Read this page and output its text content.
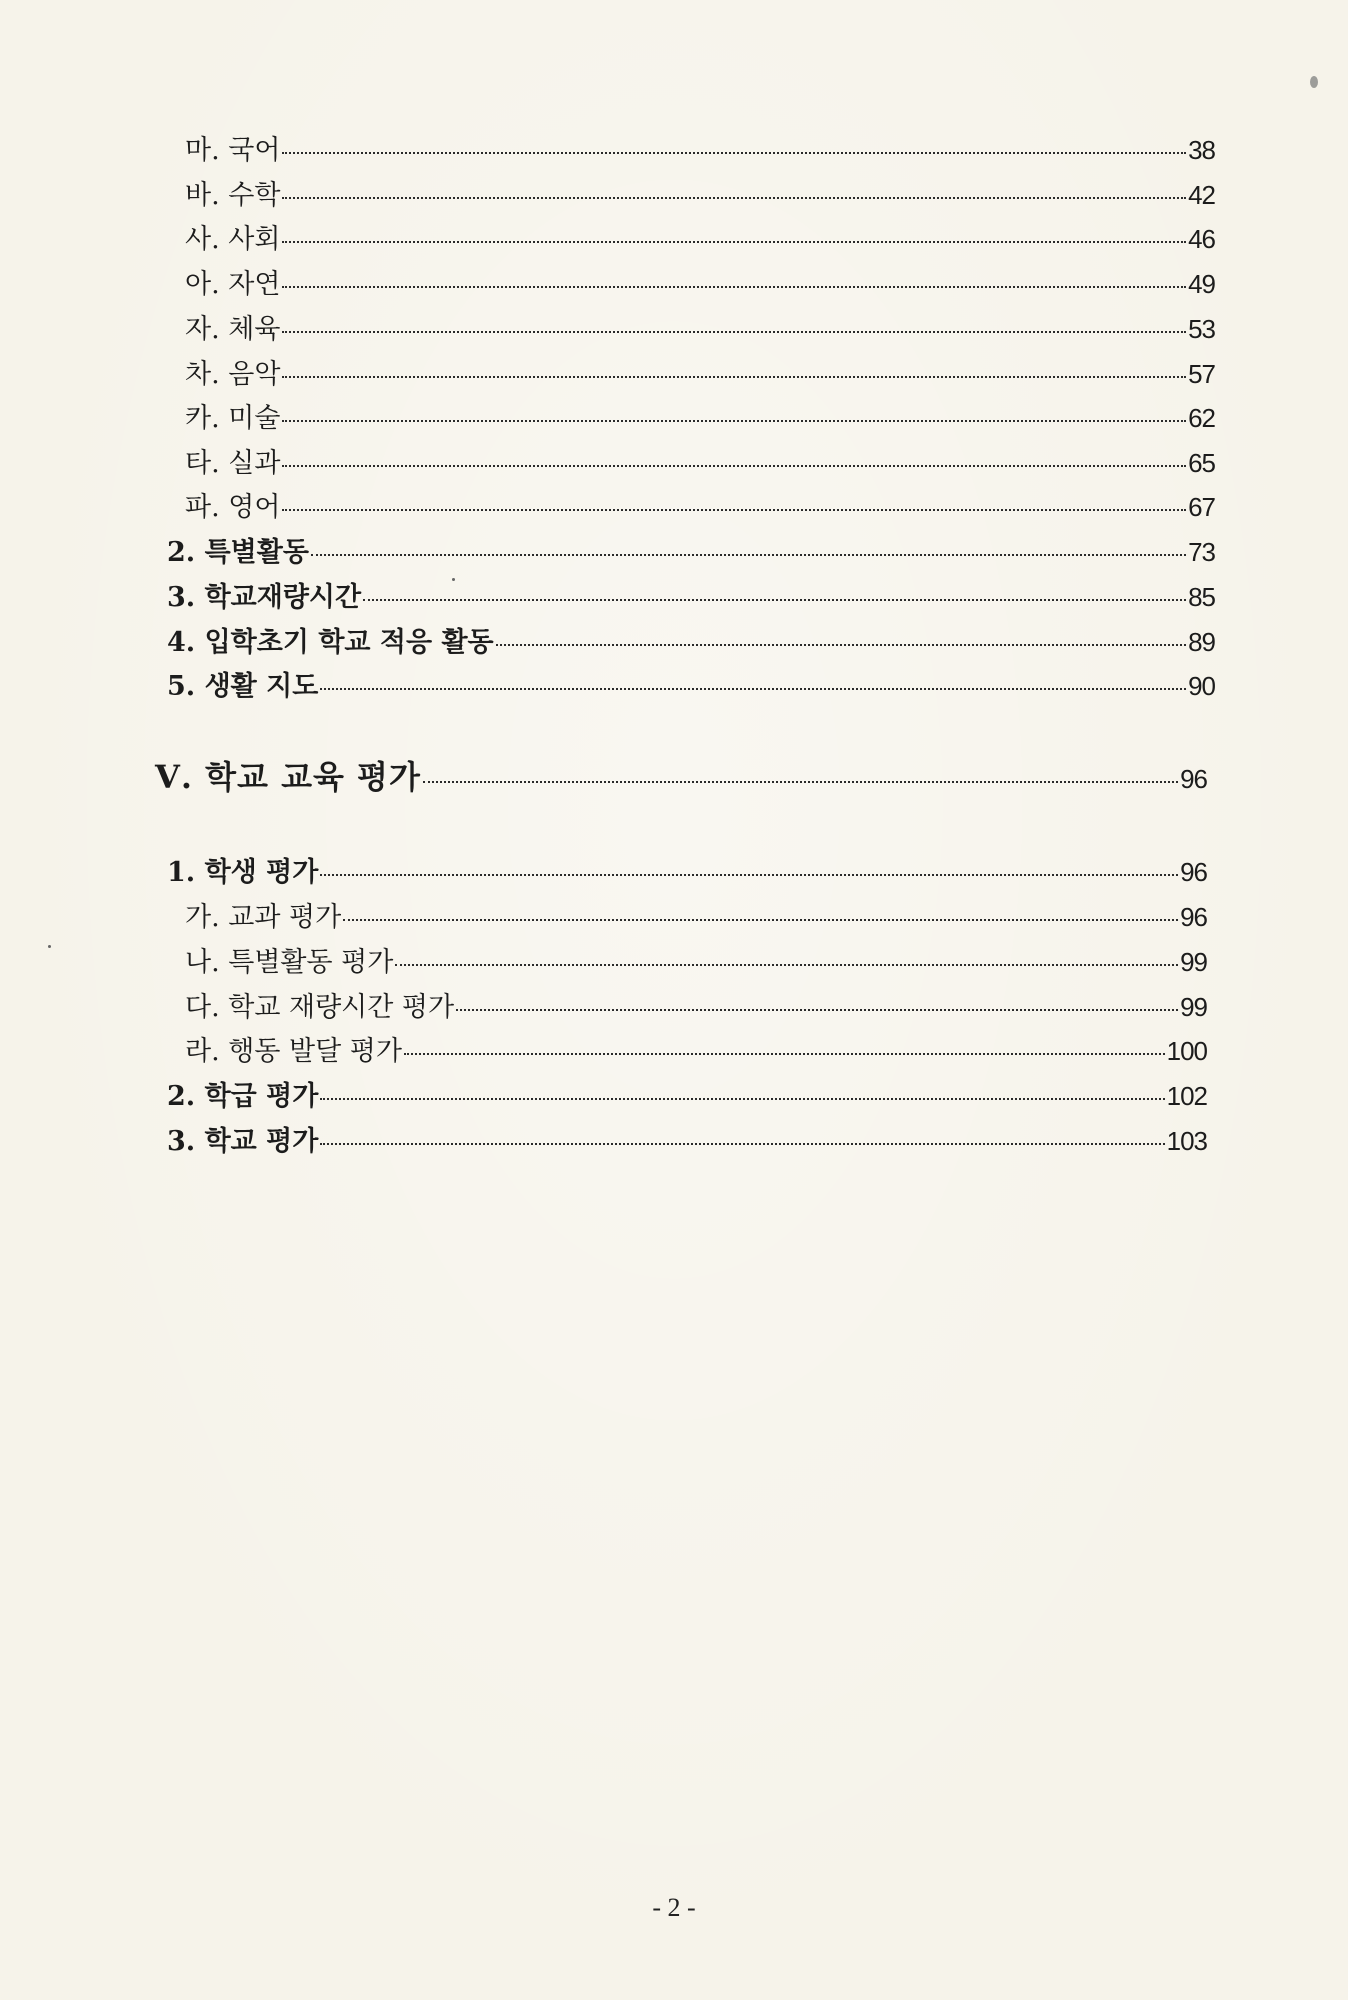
마. 국어	38
바. 수학	42
사. 사회	46
아. 자연	49
자. 체육	53
차. 음악	57
카. 미술	62
타. 실과	65
파. 영어	67
2. 특별활동	73
3. 학교재량시간	85
4. 입학초기 학교 적응 활동	89
5. 생활 지도	90
Ⅴ. 학교 교육 평가	96
1. 학생 평가	96
가. 교과 평가	96
나. 특별활동 평가	99
다. 학교 재량시간 평가	99
라. 행동 발달 평가	100
2. 학급 평가	102
3. 학교 평가	103
- 2 -
